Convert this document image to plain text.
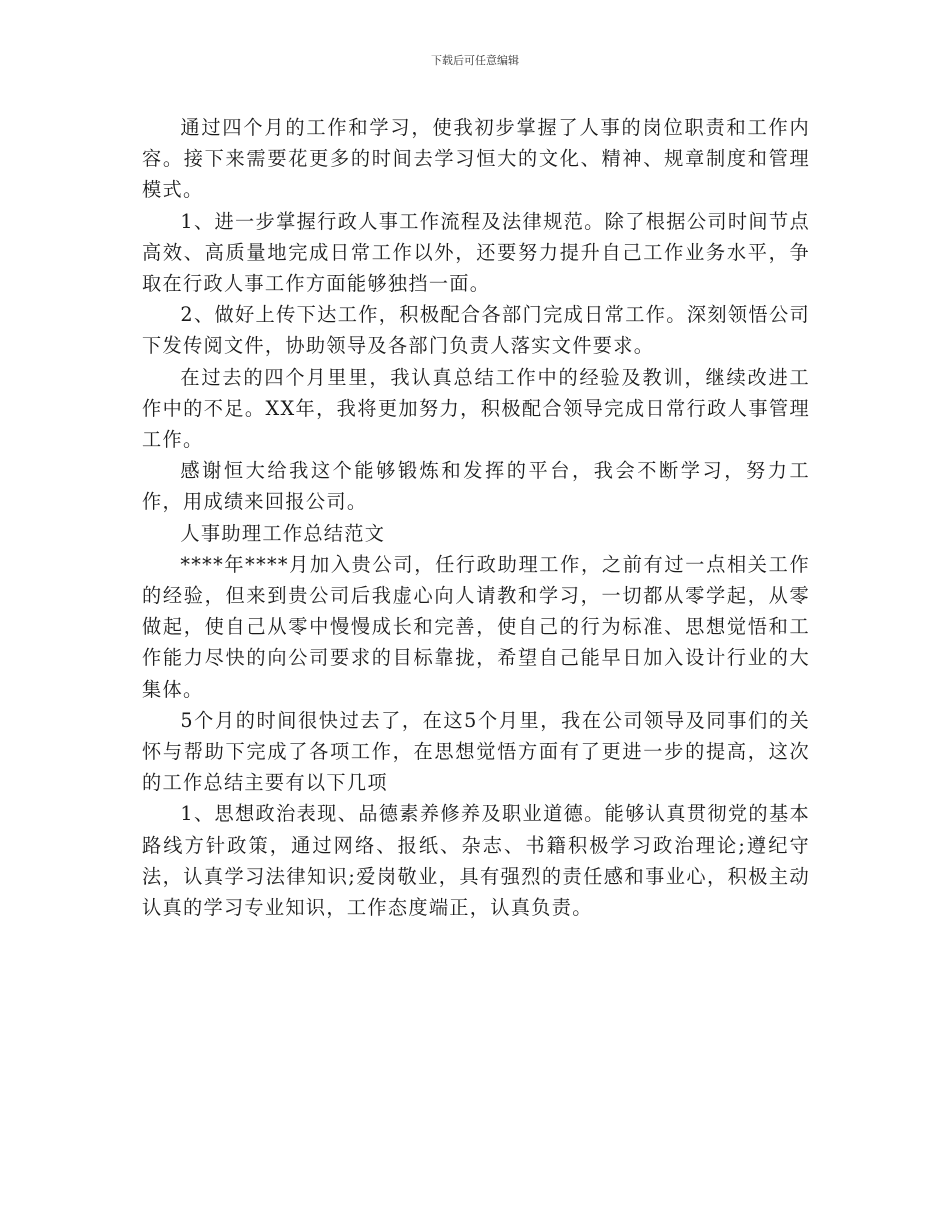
下载后可任意编辑

通过四个月的工作和学习，使我初步掌握了人事的岗位职责和工作内容。接下来需要花更多的时间去学习恒大的文化、精神、规章制度和管理模式。

1、进一步掌握行政人事工作流程及法律规范。除了根据公司时间节点高效、高质量地完成日常工作以外，还要努力提升自己工作业务水平，争取在行政人事工作方面能够独挡一面。

2、做好上传下达工作，积极配合各部门完成日常工作。深刻领悟公司下发传阅文件，协助领导及各部门负责人落实文件要求。

在过去的四个月里里，我认真总结工作中的经验及教训，继续改进工作中的不足。XX年，我将更加努力，积极配合领导完成日常行政人事管理工作。

感谢恒大给我这个能够锻炼和发挥的平台，我会不断学习，努力工作，用成绩来回报公司。

人事助理工作总结范文

****年****月加入贵公司，任行政助理工作，之前有过一点相关工作的经验，但来到贵公司后我虚心向人请教和学习，一切都从零学起，从零做起，使自己从零中慢慢成长和完善，使自己的行为标准、思想觉悟和工作能力尽快的向公司要求的目标靠拢，希望自己能早日加入设计行业的大集体。

5个月的时间很快过去了，在这5个月里，我在公司领导及同事们的关怀与帮助下完成了各项工作，在思想觉悟方面有了更进一步的提高，这次的工作总结主要有以下几项

1、思想政治表现、品德素养修养及职业道德。能够认真贯彻党的基本路线方针政策，通过网络、报纸、杂志、书籍积极学习政治理论;遵纪守法，认真学习法律知识;爱岗敬业，具有强烈的责任感和事业心，积极主动认真的学习专业知识，工作态度端正，认真负责。
